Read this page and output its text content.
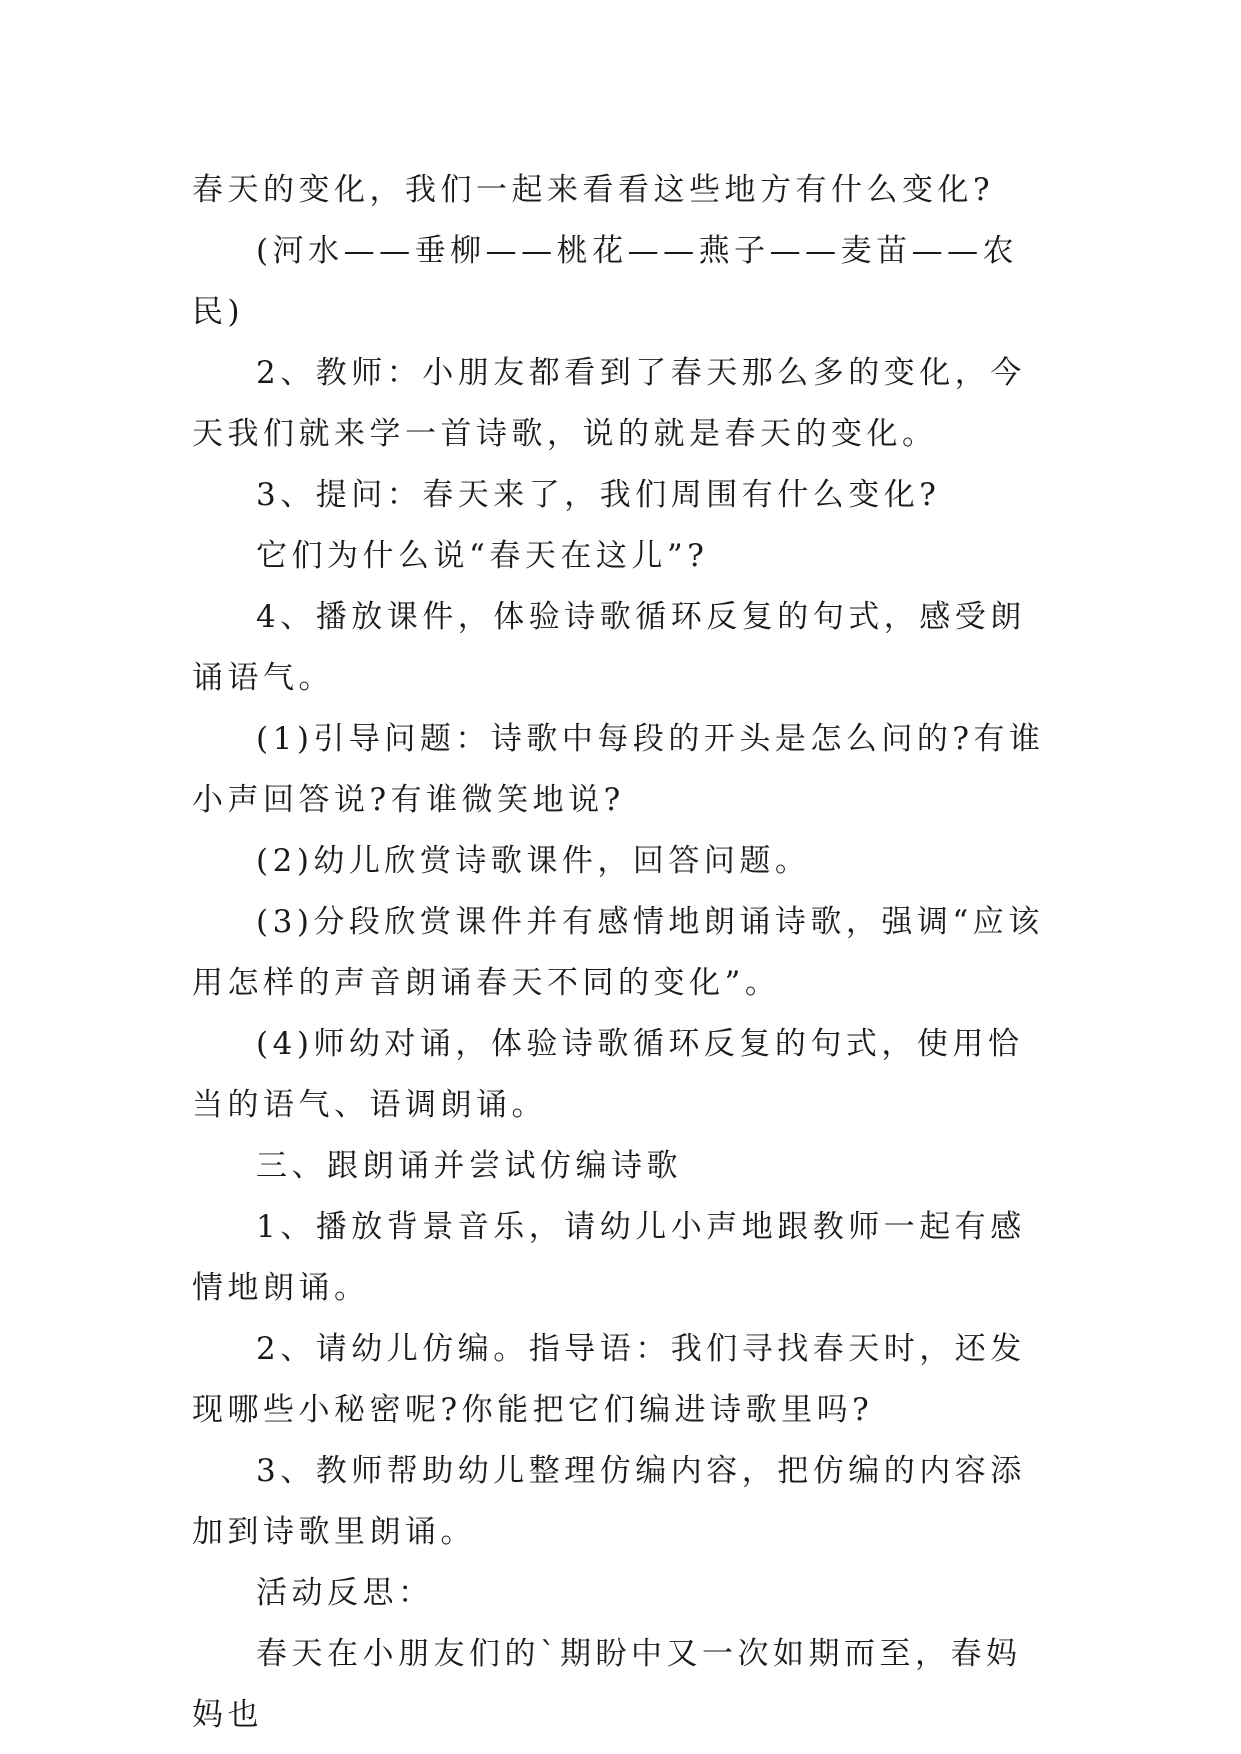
春天的变化，我们一起来看看这些地方有什么变化?

(河水——垂柳——桃花——燕子——麦苗——农民)

2、教师：小朋友都看到了春天那么多的变化，今天我们就来学一首诗歌，说的就是春天的变化。

3、提问：春天来了，我们周围有什么变化?

它们为什么说“春天在这儿”?

4、播放课件，体验诗歌循环反复的句式，感受朗诵语气。

(1)引导问题：诗歌中每段的开头是怎么问的?有谁小声回答说?有谁微笑地说?

(2)幼儿欣赏诗歌课件，回答问题。

(3)分段欣赏课件并有感情地朗诵诗歌，强调“应该用怎样的声音朗诵春天不同的变化”。

(4)师幼对诵，体验诗歌循环反复的句式，使用恰当的语气、语调朗诵。

三、跟朗诵并尝试仿编诗歌

1、播放背景音乐，请幼儿小声地跟教师一起有感情地朗诵。

2、请幼儿仿编。指导语：我们寻找春天时，还发现哪些小秘密呢?你能把它们编进诗歌里吗?

3、教师帮助幼儿整理仿编内容，把仿编的内容添加到诗歌里朗诵。

活动反思：

春天在小朋友们的`期盼中又一次如期而至，春妈妈也
